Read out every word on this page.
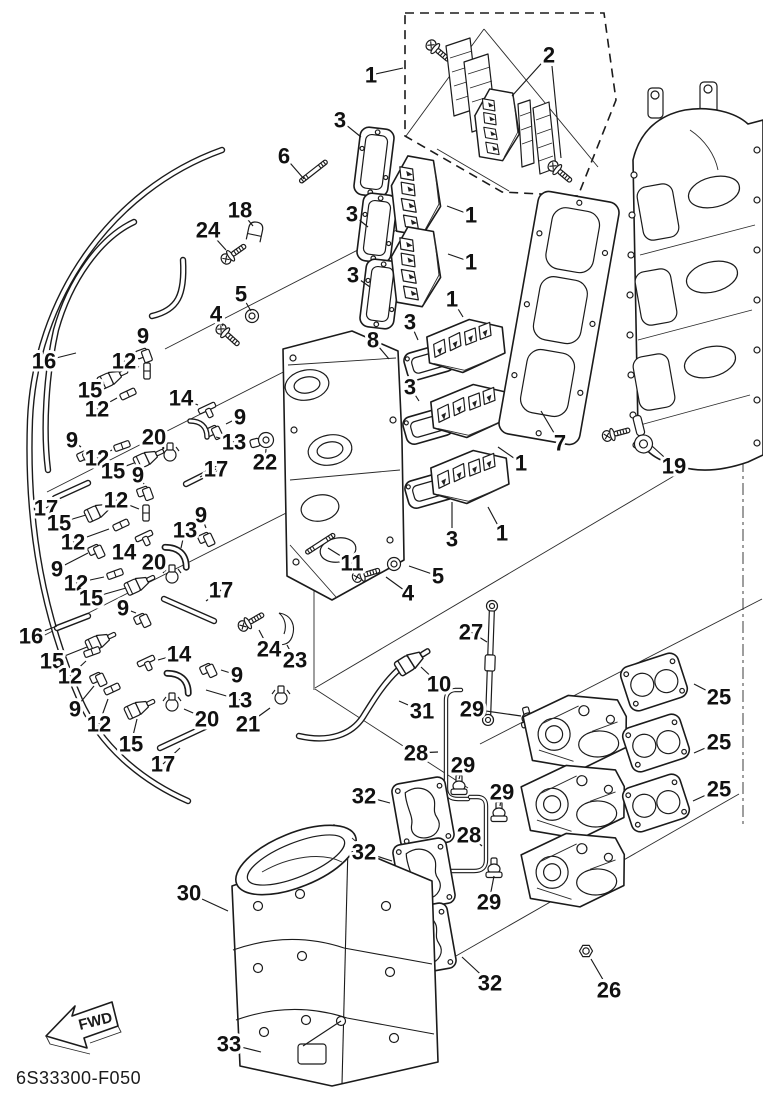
FWD
6S33300-F050
1
2
3
6
3	1
18
24
3
1
5
4
1
3
8
9
16	12
15	3
12	14
9
9	20	13
12	22
15
7
9	19
17
17
15
12
9
13
12 14
1
3 1
9	20	11
12	5
4
15	17
9
16	27
24
15	14	23
12	10
9
13
9	31 29
12	20 21
15	28
25
29
17
25
32	29
28
25
32
30	29
32	26
33
